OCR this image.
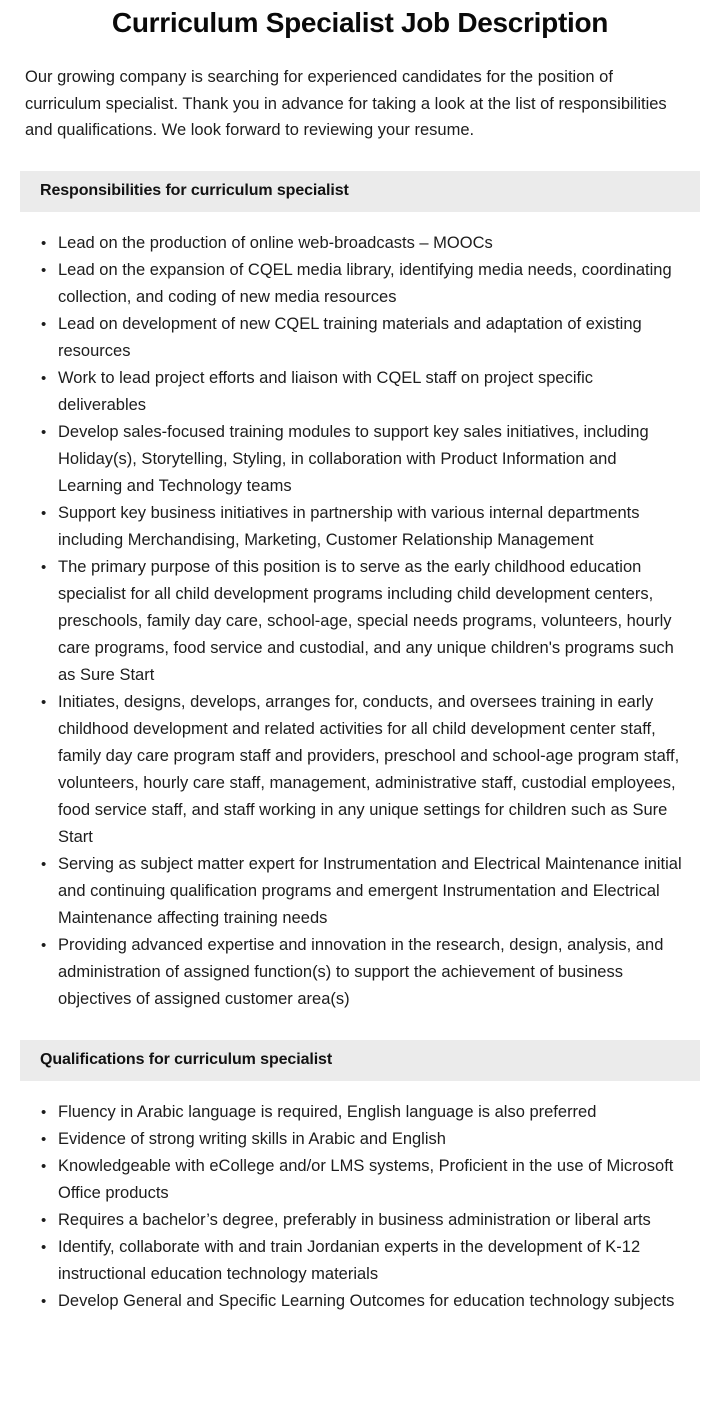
Curriculum Specialist Job Description

Our growing company is searching for experienced candidates for the position of curriculum specialist. Thank you in advance for taking a look at the list of responsibilities and qualifications. We look forward to reviewing your resume.

Responsibilities for curriculum specialist
• Lead on the production of online web-broadcasts – MOOCs
• Lead on the expansion of CQEL media library, identifying media needs, coordinating collection, and coding of new media resources
• Lead on development of new CQEL training materials and adaptation of existing resources
• Work to lead project efforts and liaison with CQEL staff on project specific deliverables
• Develop sales-focused training modules to support key sales initiatives, including Holiday(s), Storytelling, Styling, in collaboration with Product Information and Learning and Technology teams
• Support key business initiatives in partnership with various internal departments including Merchandising, Marketing, Customer Relationship Management
• The primary purpose of this position is to serve as the early childhood education specialist for all child development programs including child development centers, preschools, family day care, school-age, special needs programs, volunteers, hourly care programs, food service and custodial, and any unique children's programs such as Sure Start
• Initiates, designs, develops, arranges for, conducts, and oversees training in early childhood development and related activities for all child development center staff, family day care program staff and providers, preschool and school-age program staff, volunteers, hourly care staff, management, administrative staff, custodial employees, food service staff, and staff working in any unique settings for children such as Sure Start
• Serving as subject matter expert for Instrumentation and Electrical Maintenance initial and continuing qualification programs and emergent Instrumentation and Electrical Maintenance affecting training needs
• Providing advanced expertise and innovation in the research, design, analysis, and administration of assigned function(s) to support the achievement of business objectives of assigned customer area(s)
Qualifications for curriculum specialist
• Fluency in Arabic language is required, English language is also preferred
• Evidence of strong writing skills in Arabic and English
• Knowledgeable with eCollege and/or LMS systems, Proficient in the use of Microsoft Office products
• Requires a bachelor’s degree, preferably in business administration or liberal arts
• Identify, collaborate with and train Jordanian experts in the development of K-12 instructional education technology materials
• Develop General and Specific Learning Outcomes for education technology subjects
